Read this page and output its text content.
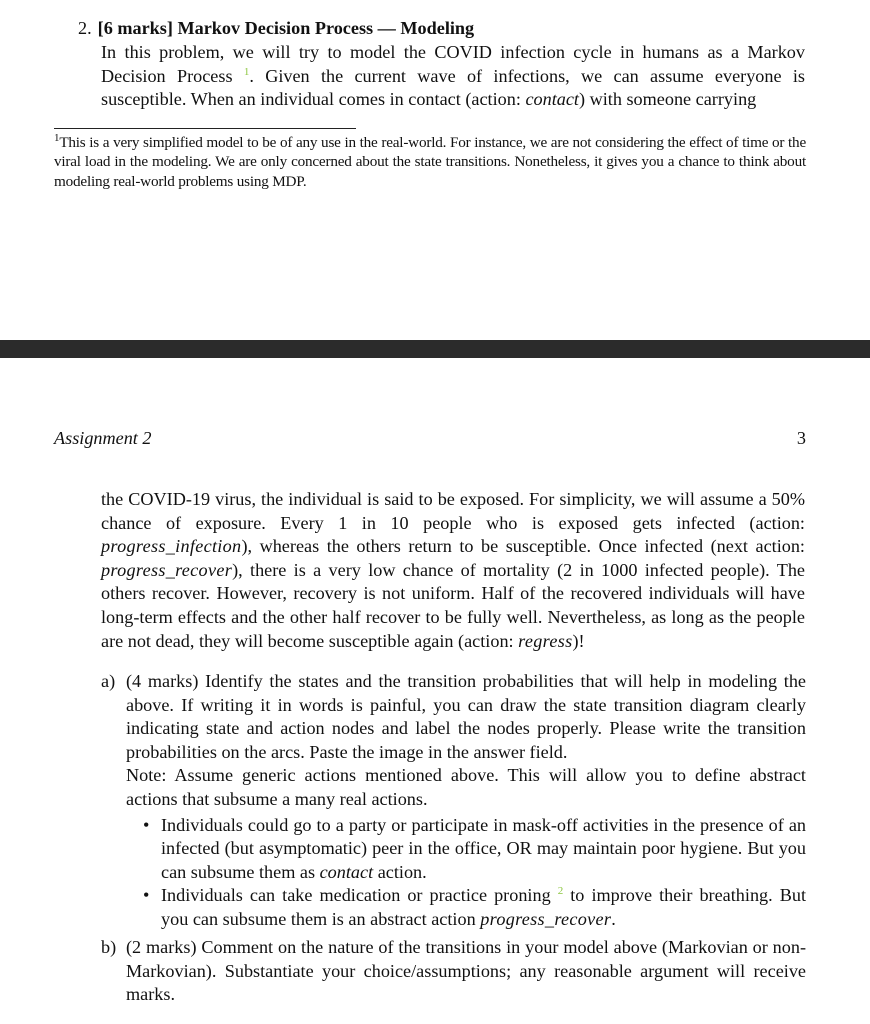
2. [6 marks] Markov Decision Process — Modeling
In this problem, we will try to model the COVID infection cycle in humans as a Markov Decision Process $^1$. Given the current wave of infections, we can assume everyone is susceptible. When an individual comes in contact (action: contact) with someone carrying
$^1$This is a very simplified model to be of any use in the real-world. For instance, we are not considering the effect of time or the viral load in the modeling. We are only concerned about the state transitions. Nonetheless, it gives you a chance to think about modeling real-world problems using MDP.
Assignment 2	3
the COVID-19 virus, the individual is said to be exposed. For simplicity, we will assume a 50% chance of exposure. Every 1 in 10 people who is exposed gets infected (action: progress_infection), whereas the others return to be susceptible. Once infected (next action: progress_recover), there is a very low chance of mortality (2 in 1000 infected people). The others recover. However, recovery is not uniform. Half of the recovered individuals will have long-term effects and the other half recover to be fully well. Nevertheless, as long as the people are not dead, they will become susceptible again (action: regress)!
a) (4 marks) Identify the states and the transition probabilities that will help in modeling the above. If writing it in words is painful, you can draw the state transition diagram clearly indicating state and action nodes and label the nodes properly. Please write the transition probabilities on the arcs. Paste the image in the answer field.
Note: Assume generic actions mentioned above. This will allow you to define abstract actions that subsume a many real actions.
• Individuals could go to a party or participate in mask-off activities in the presence of an infected (but asymptomatic) peer in the office, OR may maintain poor hygiene. But you can subsume them as contact action.
• Individuals can take medication or practice proning $^2$ to improve their breathing. But you can subsume them is an abstract action progress_recover.
b) (2 marks) Comment on the nature of the transitions in your model above (Markovian or non-Markovian). Substantiate your choice/assumptions; any reasonable argument will receive marks.
